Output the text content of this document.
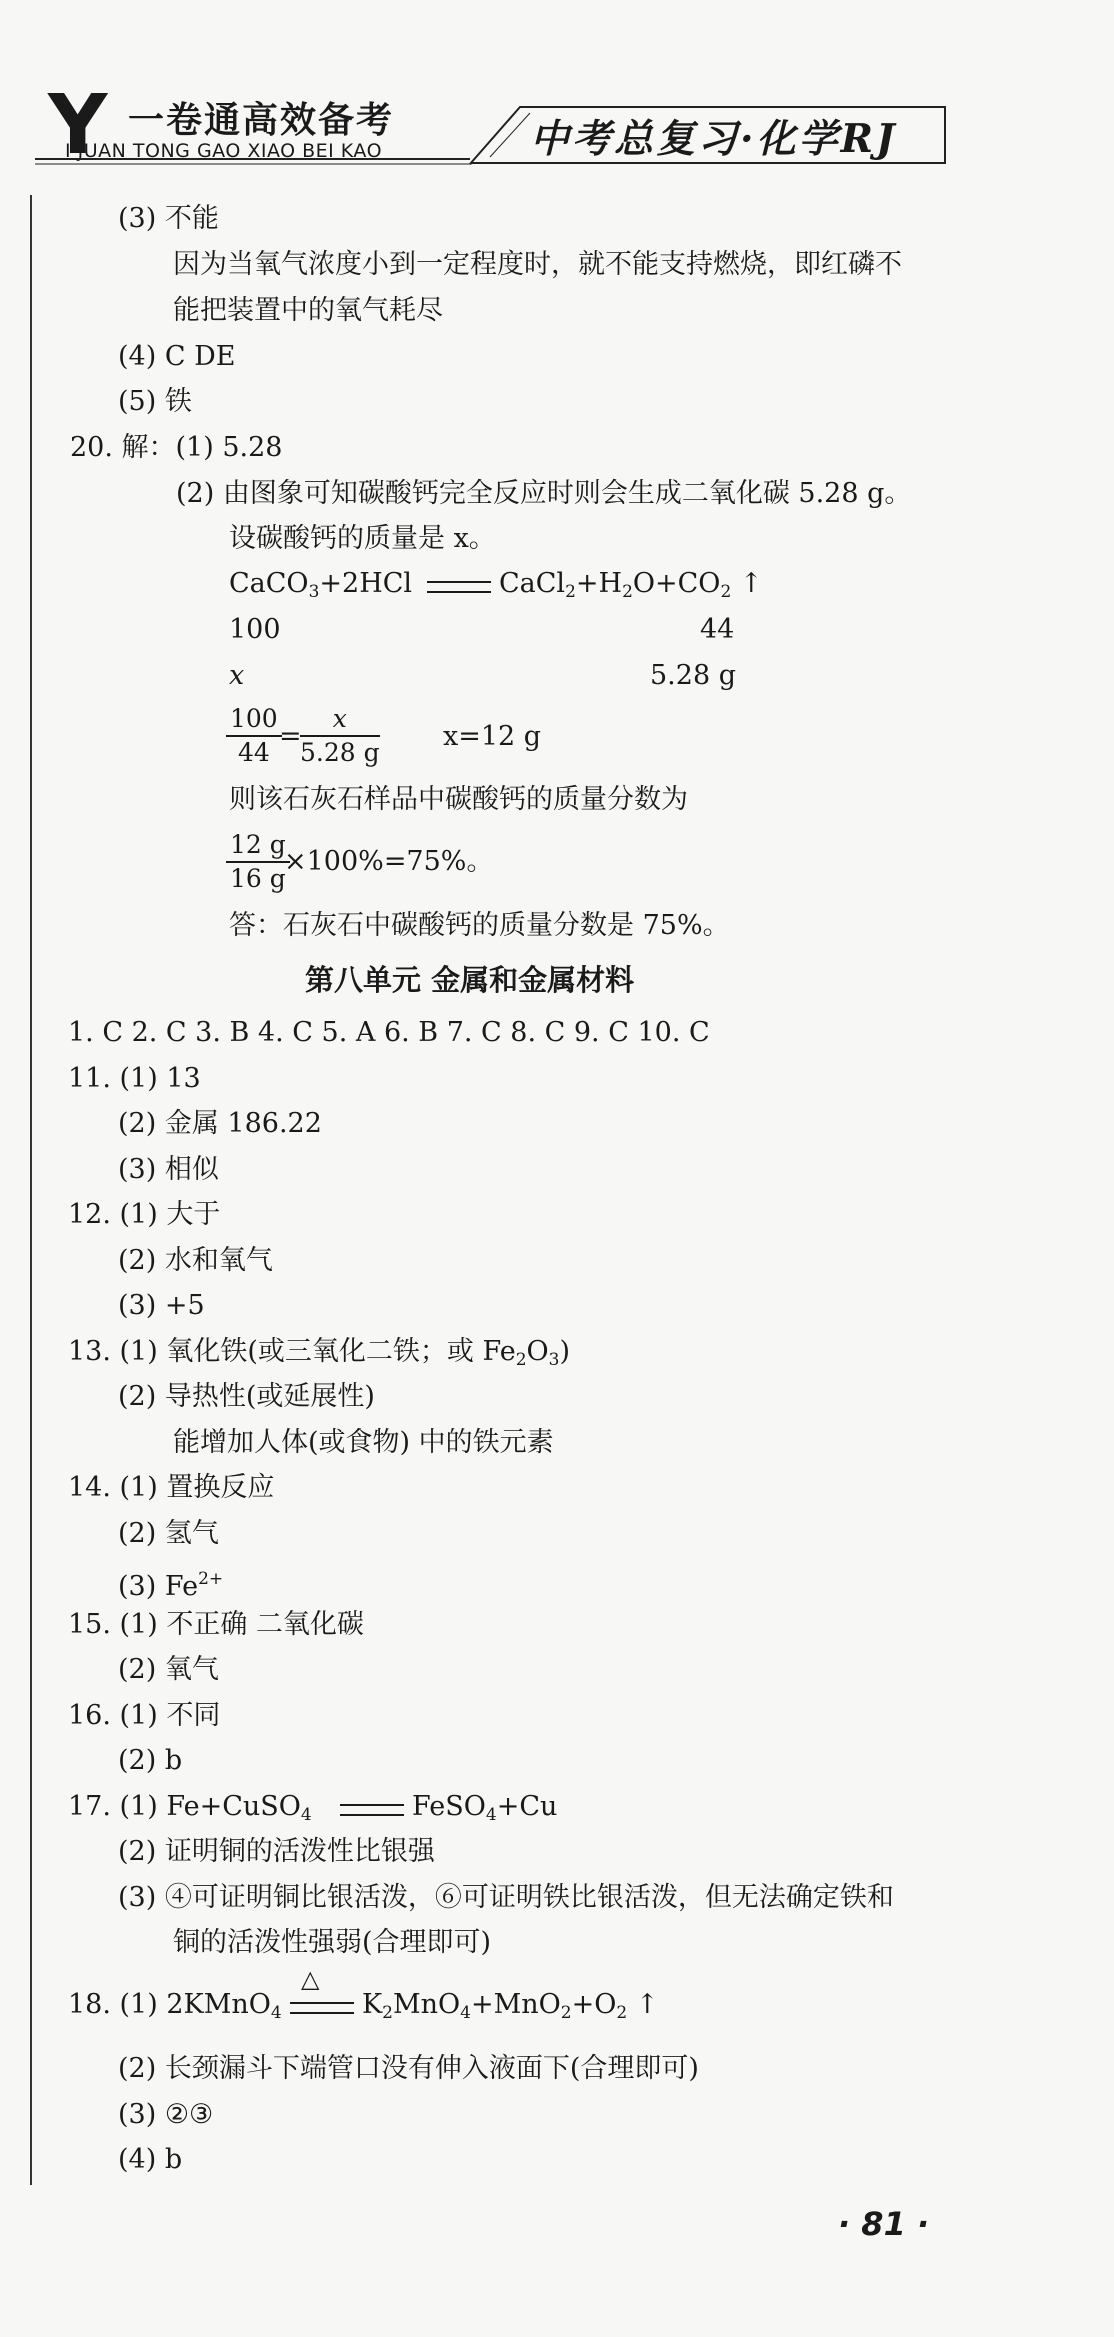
Y 一卷通高效备考
I JUAN TONG GAO XIAO BEI KAO	中考总复习·化学RJ
(3) 不能
因为当氧气浓度小到一定程度时，就不能支持燃烧，即红磷不
能把装置中的氧气耗尽
(4) C DE
(5) 铁
20. 解：(1) 5.28
(2) 由图象可知碳酸钙完全反应时则会生成二氧化碳 5.28 g。
设碳酸钙的质量是 x。
CaCO$_3$+2HCl	$CaCl_2+H_2O+CO_2$ ↑
100	44
x	5.28 g
$\frac{100}{44}$
=
$\frac{x}{5.28 g} x=12$ g
则该石灰石样品中碳酸钙的质量分数为
$\frac{12 g}{16 g}$
×100%=75%。
答：石灰石中碳酸钙的质量分数是 75%。
第八单元 金属和金属材料
1. C 2. C 3. B 4. C 5. A 6. B 7. C 8. C 9. C 10. C
11. (1) 13
(2) 金属 186.22
(3) 相似
12. (1) 大于
(2) 水和氧气
(3) +5
13. (1) 氧化铁(或三氧化二铁；或 $Fe_2O_3$)
(2) 导热性(或延展性)
能增加人体(或食物) 中的铁元素
14. (1) 置换反应
(2) 氢气
(3) $Fe^{2+}$
15. (1) 不正确 二氧化碳
(2) 氧气
16. (1) 不同
(2) b
17. (1) Fe+CuSO$_4$	FeSO$_4$+Cu
(2) 证明铜的活泼性比银强
(3) ④可证明铜比银活泼，⑥可证明铁比银活泼，但无法确定铁和
铜的活泼性强弱(合理即可)
18. (1) 2KMnO$_4$
△
$K_2MnO_4+MnO_2+O_2$ ↑
(2) 长颈漏斗下端管口没有伸入液面下(合理即可)
(3) ②③
(4) b
· 81 ·
